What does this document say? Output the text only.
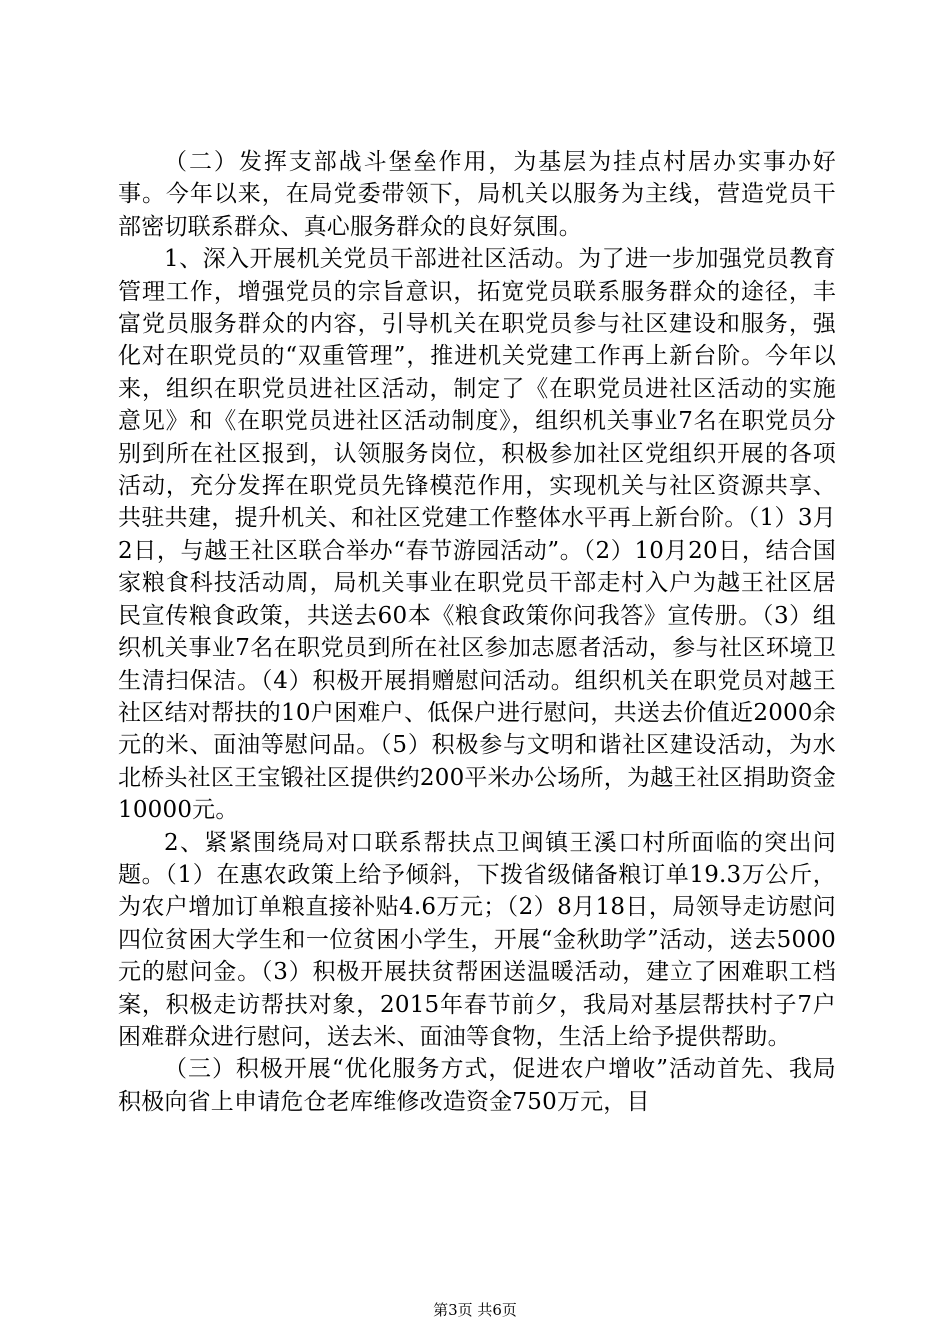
（二）发挥支部战斗堡垒作用，为基层为挂点村居办实事办好事。今年以来，在局党委带领下，局机关以服务为主线，营造党员干部密切联系群众、真心服务群众的良好氛围。

1、深入开展机关党员干部进社区活动。为了进一步加强党员教育管理工作，增强党员的宗旨意识，拓宽党员联系服务群众的途径，丰富党员服务群众的内容，引导机关在职党员参与社区建设和服务，强化对在职党员的“双重管理”，推进机关党建工作再上新台阶。今年以来，组织在职党员进社区活动，制定了《在职党员进社区活动的实施意见》和《在职党员进社区活动制度》，组织机关事业7名在职党员分别到所在社区报到，认领服务岗位，积极参加社区党组织开展的各项活动，充分发挥在职党员先锋模范作用，实现机关与社区资源共享、共驻共建，提升机关、和社区党建工作整体水平再上新台阶。（1）3月2日，与越王社区联合举办“春节游园活动”。（2）10月20日，结合国家粮食科技活动周，局机关事业在职党员干部走村入户为越王社区居民宣传粮食政策，共送去60本《粮食政策你问我答》宣传册。（3）组织机关事业7名在职党员到所在社区参加志愿者活动，参与社区环境卫生清扫保洁。（4）积极开展捐赠慰问活动。组织机关在职党员对越王社区结对帮扶的10户困难户、低保户进行慰问，共送去价值近2000余元的米、面油等慰问品。（5）积极参与文明和谐社区建设活动，为水北桥头社区王宝锻社区提供约200平米办公场所，为越王社区捐助资金10000元。

2、紧紧围绕局对口联系帮扶点卫闽镇王溪口村所面临的突出问题。（1）在惠农政策上给予倾斜，下拨省级储备粮订单19.3万公斤，为农户增加订单粮直接补贴4.6万元；（2）8月18日，局领导走访慰问四位贫困大学生和一位贫困小学生，开展“金秋助学”活动，送去5000元的慰问金。（3）积极开展扶贫帮困送温暖活动，建立了困难职工档案，积极走访帮扶对象，2015年春节前夕，我局对基层帮扶村子7户困难群众进行慰问，送去米、面油等食物，生活上给予提供帮助。

（三）积极开展“优化服务方式，促进农户增收”活动首先、我局积极向省上申请危仓老库维修改造资金750万元，目

第3页 共6页
